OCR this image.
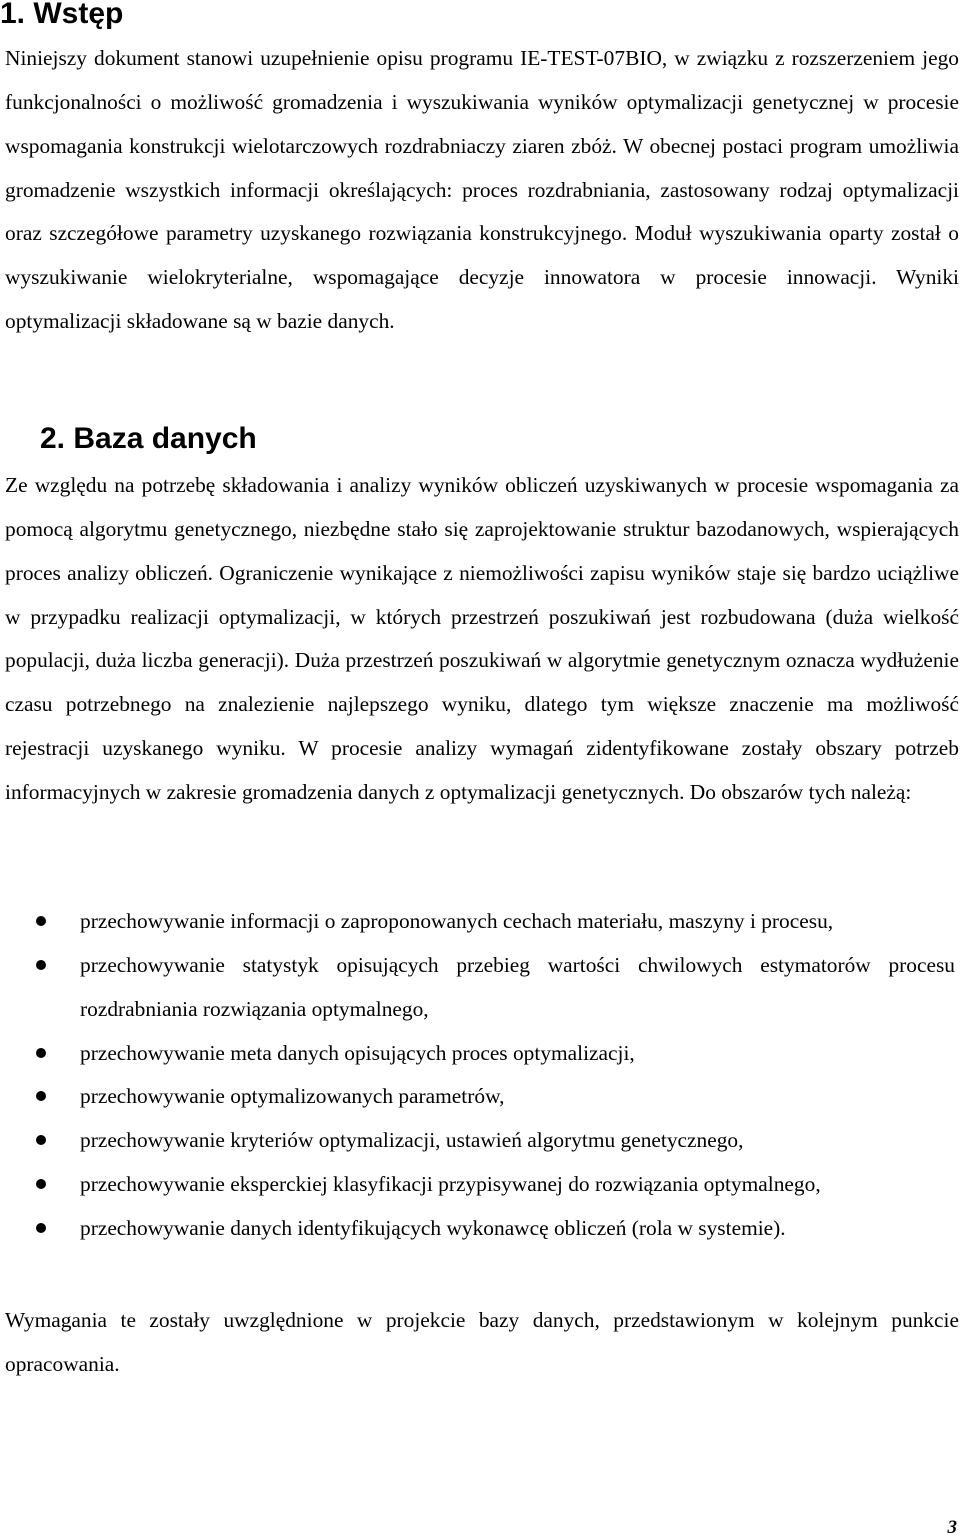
1. Wstęp

Niniejszy dokument stanowi uzupełnienie opisu programu IE-TEST-07BIO, w związku z rozszerzeniem jego funkcjonalności o możliwość gromadzenia i wyszukiwania wyników optymalizacji genetycznej w procesie wspomagania konstrukcji wielotarczowych rozdrabniaczy ziaren zbóż. W obecnej postaci program umożliwia gromadzenie wszystkich informacji określających: proces rozdrabniania, zastosowany rodzaj optymalizacji oraz szczegółowe parametry uzyskanego rozwiązania konstrukcyjnego. Moduł wyszukiwania oparty został o wyszukiwanie wielokryterialne, wspomagające decyzje innowatora w procesie innowacji. Wyniki optymalizacji składowane są w bazie danych.

2. Baza danych

Ze względu na potrzebę składowania i analizy wyników obliczeń uzyskiwanych w procesie wspomagania za pomocą algorytmu genetycznego, niezbędne stało się zaprojektowanie struktur bazodanowych, wspierających proces analizy obliczeń. Ograniczenie wynikające z niemożliwości zapisu wyników staje się bardzo uciążliwe w przypadku realizacji optymalizacji, w których przestrzeń poszukiwań jest rozbudowana (duża wielkość populacji, duża liczba generacji). Duża przestrzeń poszukiwań w algorytmie genetycznym oznacza wydłużenie czasu potrzebnego na znalezienie najlepszego wyniku, dlatego tym większe znaczenie ma możliwość rejestracji uzyskanego wyniku. W procesie analizy wymagań zidentyfikowane zostały obszary potrzeb informacyjnych w zakresie gromadzenia danych z optymalizacji genetycznych. Do obszarów tych należą:

przechowywanie informacji o zaproponowanych cechach materiału, maszyny i procesu,
przechowywanie statystyk opisujących przebieg wartości chwilowych estymatorów procesu rozdrabniania rozwiązania optymalnego,
przechowywanie meta danych opisujących proces optymalizacji,
przechowywanie optymalizowanych parametrów,
przechowywanie kryteriów optymalizacji, ustawień algorytmu genetycznego,
przechowywanie eksperckiej klasyfikacji przypisywanej do rozwiązania optymalnego,
przechowywanie danych identyfikujących wykonawcę obliczeń (rola w systemie).

Wymagania te zostały uwzględnione w projekcie bazy danych, przedstawionym w kolejnym punkcie opracowania.

3
